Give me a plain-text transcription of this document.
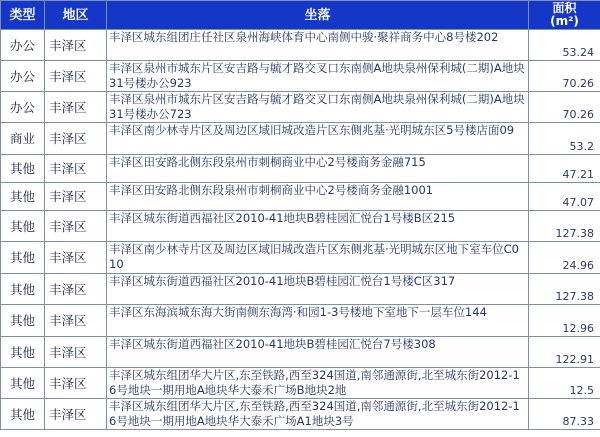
类型	地区	坐落	面积
(m²)
办公	丰泽区	丰泽区城东组团庄任社区泉州海峡体育中心南侧中骏·聚祥商务中心8号楼202	53.24
办公	丰泽区	丰泽区泉州市城东片区安吉路与毓才路交叉口东南侧A地块泉州保利城(二期)A地块31号楼办公923	70.26
办公	丰泽区	丰泽区泉州市城东片区安吉路与毓才路交叉口东南侧A地块泉州保利城(二期)A地块31号楼办公723	70.26
商业	丰泽区	丰泽区南少林寺片区及周边区域旧城改造片区东侧兆基·光明城东区5号楼店面09	53.2
其他	丰泽区	丰泽区田安路北侧东段泉州市刺桐商业中心2号楼商务金融715	47.21
其他	丰泽区	丰泽区田安路北侧东段泉州市刺桐商业中心2号楼商务金融1001	47.07
其他	丰泽区	丰泽区城东街道西福社区2010-41地块B碧桂园汇悦台1号楼B区215	127.38
其他	丰泽区	丰泽区南少林寺片区及周边区域旧城改造片区东侧兆基·光明城东区地下室车位C010	24.96
其他	丰泽区	丰泽区城东街道西福社区2010-41地块B碧桂园汇悦台1号楼C区317	127.38
其他	丰泽区	丰泽区东海滨城东海大街南侧东海湾·和园1-3号楼地下室地下一层车位144	12.96
其他	丰泽区	丰泽区城东街道西福社区2010-41地块B碧桂园汇悦台7号楼308	122.91
其他	丰泽区	丰泽区城东组团华大片区,东至铁路,西至324国道,南邻通源街,北至城东街2012-16号地块一期用地A地块华大泰禾广场B地块2地	12.5
其他	丰泽区	丰泽区城东组团华大片区,东至铁路,西至324国道,南邻通源街,北至城东街2012-16号地块一期用地A地块华大泰禾广场A1地块3号	87.33
